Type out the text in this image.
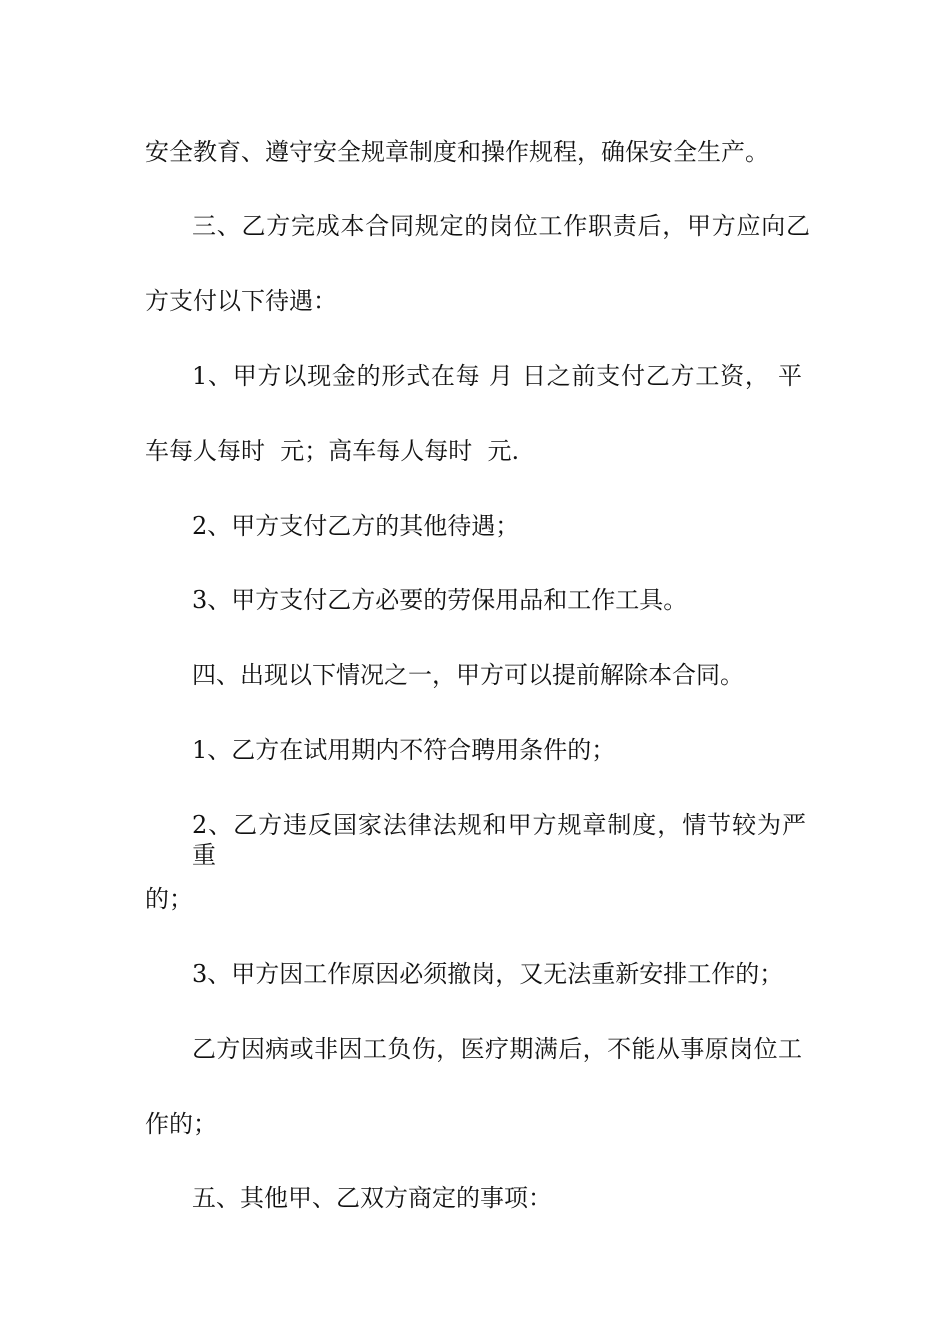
安全教育、遵守安全规章制度和操作规程，确保安全生产。
三、乙方完成本合同规定的岗位工作职责后，甲方应向乙
方支付以下待遇：
1、甲方以现金的形式在每 月 日之前支付乙方工资， 平
车每人每时  元；高车每人每时  元.
2、甲方支付乙方的其他待遇；
3、甲方支付乙方必要的劳保用品和工作工具。
四、出现以下情况之一，甲方可以提前解除本合同。
1、乙方在试用期内不符合聘用条件的；
2、乙方违反国家法律法规和甲方规章制度，情节较为严重
的；
3、甲方因工作原因必须撤岗，又无法重新安排工作的；
乙方因病或非因工负伤，医疗期满后，不能从事原岗位工
作的；
五、其他甲、乙双方商定的事项：
